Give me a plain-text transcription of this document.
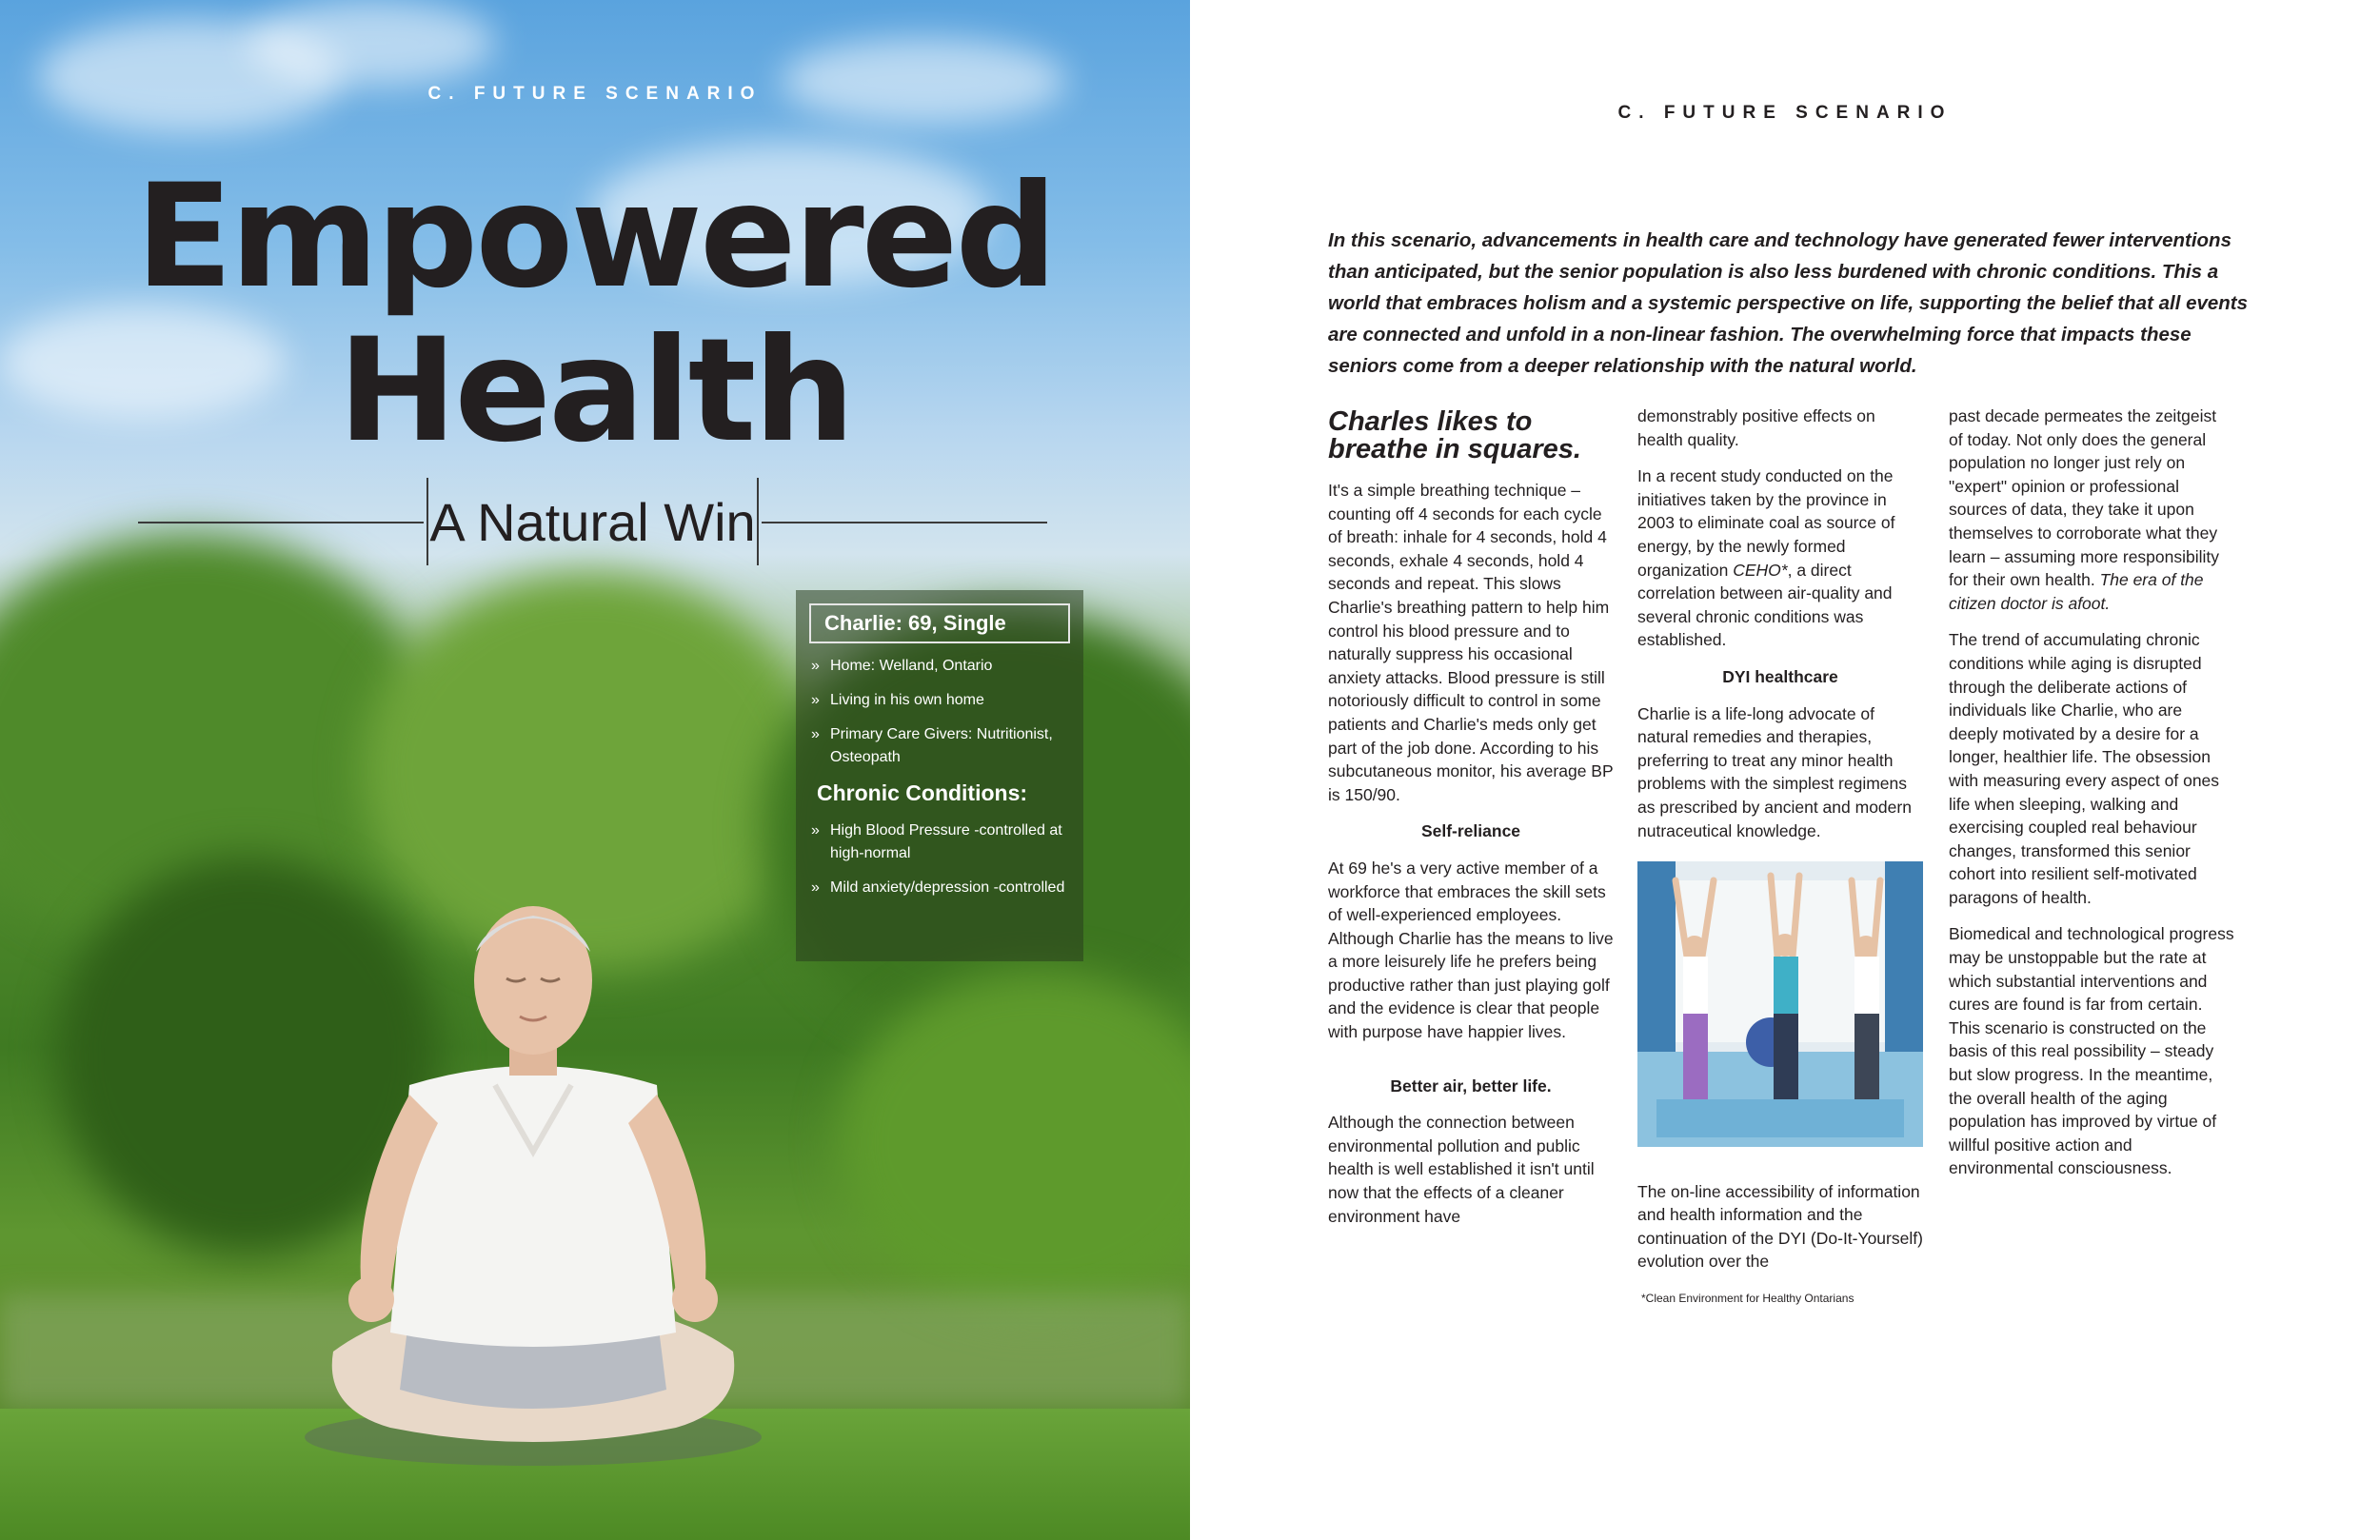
C. FUTURE SCENARIO
Empowered
Health
A Natural Win
Charlie: 69, Single
» Home: Welland, Ontario
» Living in his own home
» Primary Care Givers: Nutritionist, Osteopath
Chronic Conditions:
» High Blood Pressure -controlled at high-normal
» Mild anxiety/depression -controlled
C. FUTURE SCENARIO

In this scenario, advancements in health care and technology have generated fewer interventions than anticipated, but the senior population is also less burdened with chronic conditions. This a world that embraces holism and a systemic perspective on life, supporting the belief that all events are connected and unfold in a non-linear fashion. The overwhelming force that impacts these seniors come from a deeper relationship with the natural world.

Charles likes to breathe in squares.

It's a simple breathing technique – counting off 4 seconds for each cycle of breath: inhale for 4 seconds, hold 4 seconds, exhale 4 seconds, hold 4 seconds and repeat. This slows Charlie's breathing pattern to help him control his blood pressure and to naturally suppress his occasional anxiety attacks. Blood pressure is still notoriously difficult to control in some patients and Charlie's meds only get part of the job done. According to his subcutaneous monitor, his average BP is 150/90.

Self-reliance

At 69 he's a very active member of a workforce that embraces the skill sets of well-experienced employees. Although Charlie has the means to live a more leisurely life he prefers being productive rather than just playing golf and the evidence is clear that people with purpose have happier lives.

Better air, better life.

Although the connection between environmental pollution and public health is well established it isn't until now that the effects of a cleaner environment have

demonstrably positive effects on health quality.

In a recent study conducted on the initiatives taken by the province in 2003 to eliminate coal as source of energy, by the newly formed organization CEHO*, a direct correlation between air-quality and several chronic conditions was established.

DYI healthcare

Charlie is a life-long advocate of natural remedies and therapies, preferring to treat any minor health problems with the simplest regimens as prescribed by ancient and modern nutraceutical knowledge.

The on-line accessibility of information and health information and the continuation of the DYI (Do-It-Yourself) evolution over the

*Clean Environment for Healthy Ontarians

past decade permeates the zeitgeist of today. Not only does the general population no longer just rely on "expert" opinion or professional sources of data, they take it upon themselves to corroborate what they learn – assuming more responsibility for their own health. The era of the citizen doctor is afoot.

The trend of accumulating chronic conditions while aging is disrupted through the deliberate actions of individuals like Charlie, who are deeply motivated by a desire for a longer, healthier life. The obsession with measuring every aspect of ones life when sleeping, walking and exercising coupled real behaviour changes, transformed this senior cohort into resilient self-motivated paragons of health.

Biomedical and technological progress may be unstoppable but the rate at which substantial interventions and cures are found is far from certain. This scenario is constructed on the basis of this real possibility – steady but slow progress. In the meantime, the overall health of the aging population has improved by virtue of willful positive action and environmental consciousness.
